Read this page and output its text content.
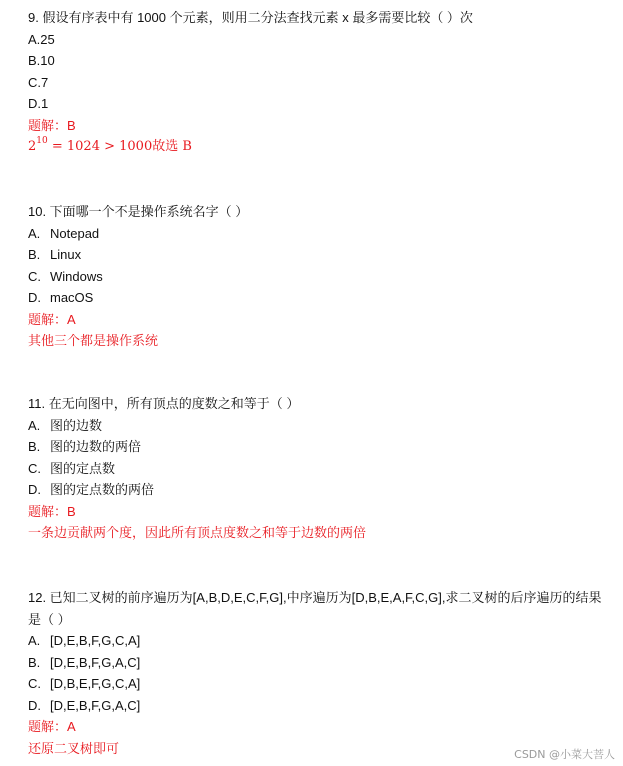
9. 假设有序表中有 1000 个元素，则用二分法查找元素 x 最多需要比较（ ）次
A.25
B.10
C.7
D.1
题解：B
$2^{10} = 1024 > 1000$故选 B
10. 下面哪一个不是操作系统名字（ ）
A. Notepad
B. Linux
C. Windows
D. macOS
题解：A
其他三个都是操作系统
11. 在无向图中，所有顶点的度数之和等于（ ）
A. 图的边数
B. 图的边数的两倍
C. 图的定点数
D. 图的定点数的两倍
题解：B
一条边贡献两个度，因此所有顶点度数之和等于边数的两倍
12. 已知二叉树的前序遍历为[A,B,D,E,C,F,G],中序遍历为[D,B,E,A,F,C,G],求二叉树的后序遍历的结果是（ ）
A. [D,E,B,F,G,C,A]
B. [D,E,B,F,G,A,C]
C. [D,B,E,F,G,C,A]
D. [D,E,B,F,G,A,C]
题解：A
还原二叉树即可	CSDN @小菜大菩人
